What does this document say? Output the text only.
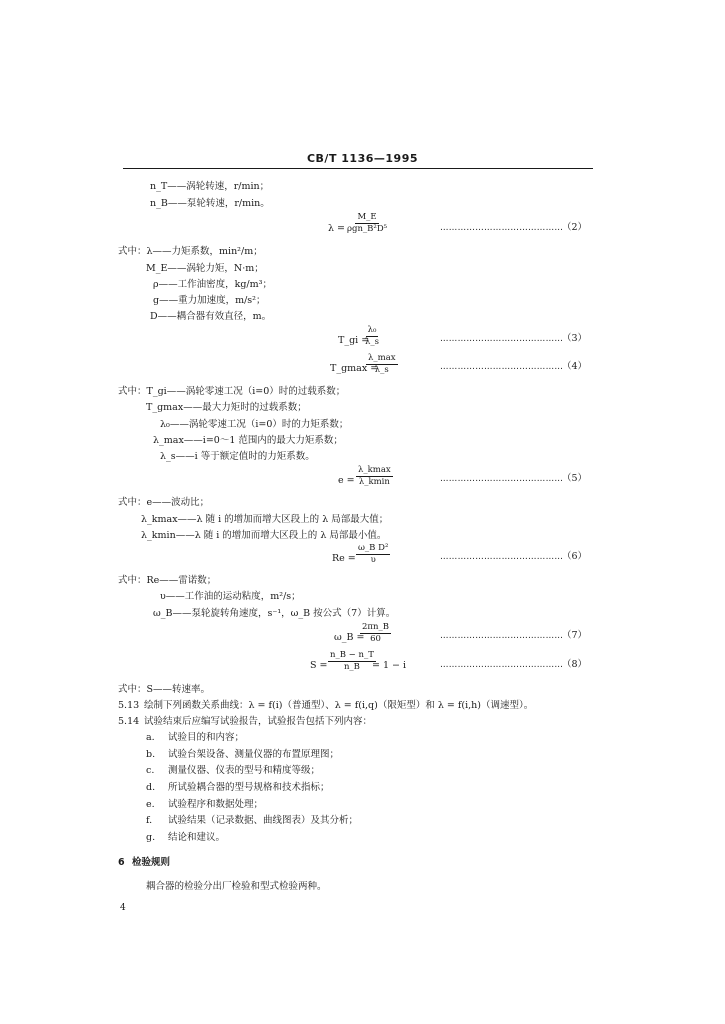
CB/T 1136—1995
n_T——涡轮转速，r/min；
n_B——泵轮转速，r/min。
λ =
M_E
ρgn_B²D⁵	……………………………………
（2）
式中：λ——力矩系数，min²/m；
M_E——涡轮力矩，N·m；
ρ——工作油密度，kg/m³；
g——重力加速度，m/s²；
D——耦合器有效直径，m。
T_gi =
$\frac{\text{λ₀}}{\lambda\_s}$	……………………………………
（3）
T_gmax =
λ_max
λ_s	……………………………………
（4）
式中：T_gi——涡轮零速工况（i=0）时的过载系数；
T_gmax——最大力矩时的过载系数；
λ₀——涡轮零速工况（i=0）时的力矩系数；
λ_max——i=0～1 范围内的最大力矩系数；
λ_s——i 等于额定值时的力矩系数。
e =
λ_kmax
λ_kmin	……………………………………
（5）
式中：e——波动比；
λ_kmax——λ 随 i 的增加而增大区段上的 λ 局部最大值；
λ_kmin——λ 随 i 的增加而增大区段上的 λ 局部最小值。
$Re = \frac{\text{ω\_B D²}}{\upsilon}$	……………………………………
（6）
式中：Re——雷诺数；
υ——工作油的运动粘度，m²/s；
ω_B——泵轮旋转角速度，s⁻¹，ω_B 按公式（7）计算。
ω_B =
$\frac{2\pi n\_B}{60}$	……………………………………
（7）
$S = \frac{n\_B - n\_T}{n\_B}$
= 1 − i	……………………………………
（8）
式中：S——转速率。
5.13 绘制下列函数关系曲线：λ = f(i)（普通型）、λ = f(i,q)（限矩型）和 λ = f(i,h)（调速型）。
5.14 试验结束后应编写试验报告，试验报告包括下列内容：
a. 试验目的和内容；
b. 试验台架设备、测量仪器的布置原理图；
c. 测量仪器、仪表的型号和精度等级；
d. 所试验耦合器的型号规格和技术指标；
e. 试验程序和数据处理；
f. 试验结果（记录数据、曲线图表）及其分析；
g. 结论和建议。
6 检验规则
耦合器的检验分出厂检验和型式检验两种。
4
